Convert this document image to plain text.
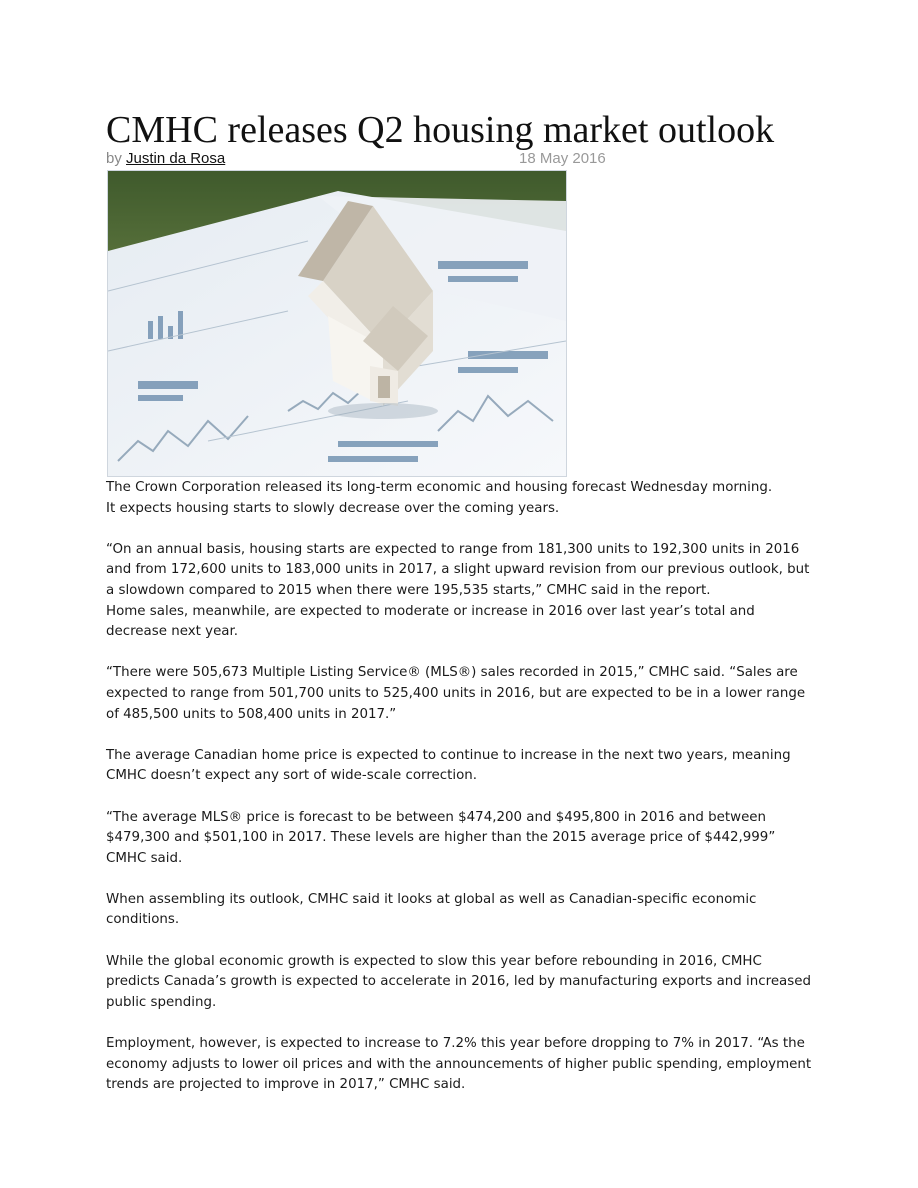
CMHC releases Q2 housing market outlook
by Justin da Rosa	18 May 2016

The Crown Corporation released its long-term economic and housing forecast Wednesday morning.

It expects housing starts to slowly decrease over the coming years.

“On an annual basis, housing starts are expected to range from 181,300 units to 192,300 units in 2016 and from 172,600 units to 183,000 units in 2017, a slight upward revision from our previous outlook, but a slowdown compared to 2015 when there were 195,535 starts,” CMHC said in the report.

Home sales, meanwhile, are expected to moderate or increase in 2016 over last year’s total and decrease next year.

“There were 505,673 Multiple Listing Service® (MLS®) sales recorded in 2015,” CMHC said. “Sales are expected to range from 501,700 units to 525,400 units in 2016, but are expected to be in a lower range of 485,500 units to 508,400 units in 2017.”

The average Canadian home price is expected to continue to increase in the next two years, meaning CMHC doesn’t expect any sort of wide-scale correction.

“The average MLS® price is forecast to be between $474,200 and $495,800 in 2016 and between $479,300 and $501,100 in 2017. These levels are higher than the 2015 average price of $442,999” CMHC said.

When assembling its outlook, CMHC said it looks at global as well as Canadian-specific economic conditions.

While the global economic growth is expected to slow this year before rebounding in 2016, CMHC predicts Canada’s growth is expected to accelerate in 2016, led by manufacturing exports and increased public spending.

Employment, however, is expected to increase to 7.2% this year before dropping to 7% in 2017. “As the economy adjusts to lower oil prices and with the announcements of higher public spending, employment trends are projected to improve in 2017,” CMHC said.
